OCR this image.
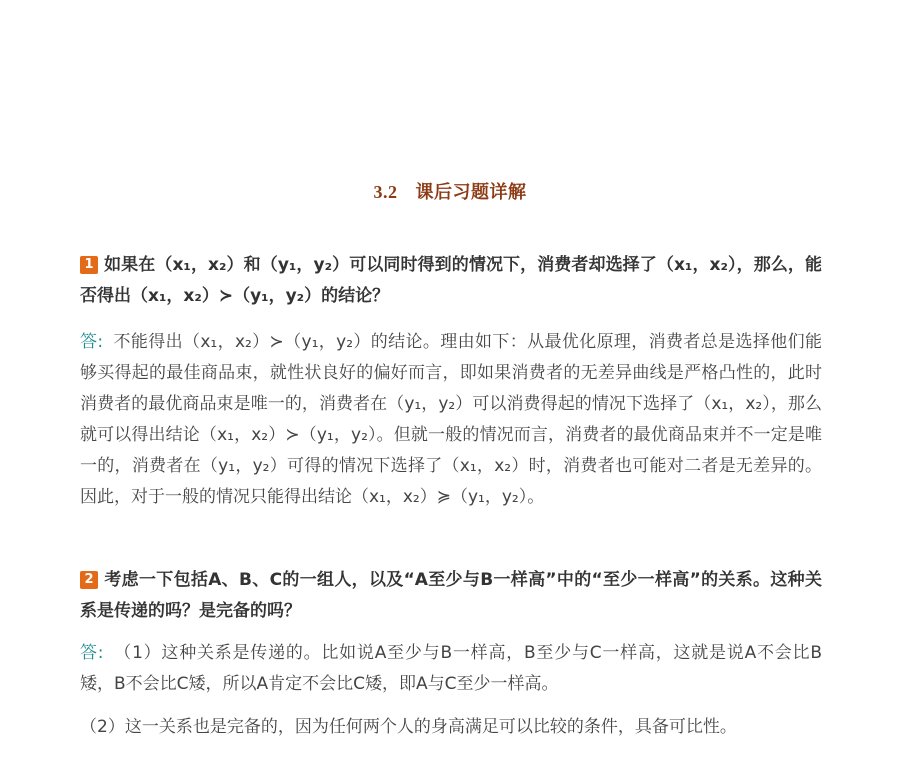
3.2 课后习题详解
1 如果在（x₁，x₂）和（y₁，y₂）可以同时得到的情况下，消费者却选择了（x₁，x₂），那么，能否得出（x₁，x₂）≻（y₁，y₂）的结论？
答: 不能得出（x₁，x₂）≻（y₁，y₂）的结论。理由如下：从最优化原理，消费者总是选择他们能够买得起的最佳商品束，就性状良好的偏好而言，即如果消费者的无差异曲线是严格凸性的，此时消费者的最优商品束是唯一的，消费者在（y₁，y₂）可以消费得起的情况下选择了（x₁，x₂），那么就可以得出结论（x₁，x₂）≻（y₁，y₂）。但就一般的情况而言，消费者的最优商品束并不一定是唯一的，消费者在（y₁，y₂）可得的情况下选择了（x₁，x₂）时，消费者也可能对二者是无差异的。因此，对于一般的情况只能得出结论（x₁，x₂）≽（y₁，y₂）。
2 考虑一下包括A、B、C的一组人，以及“A至少与B一样高”中的“至少一样高”的关系。这种关系是传递的吗？是完备的吗？
答: （1）这种关系是传递的。比如说A至少与B一样高，B至少与C一样高，这就是说A不会比B矮，B不会比C矮，所以A肯定不会比C矮，即A与C至少一样高。
（2）这一关系也是完备的，因为任何两个人的身高满足可以比较的条件，具备可比性。
